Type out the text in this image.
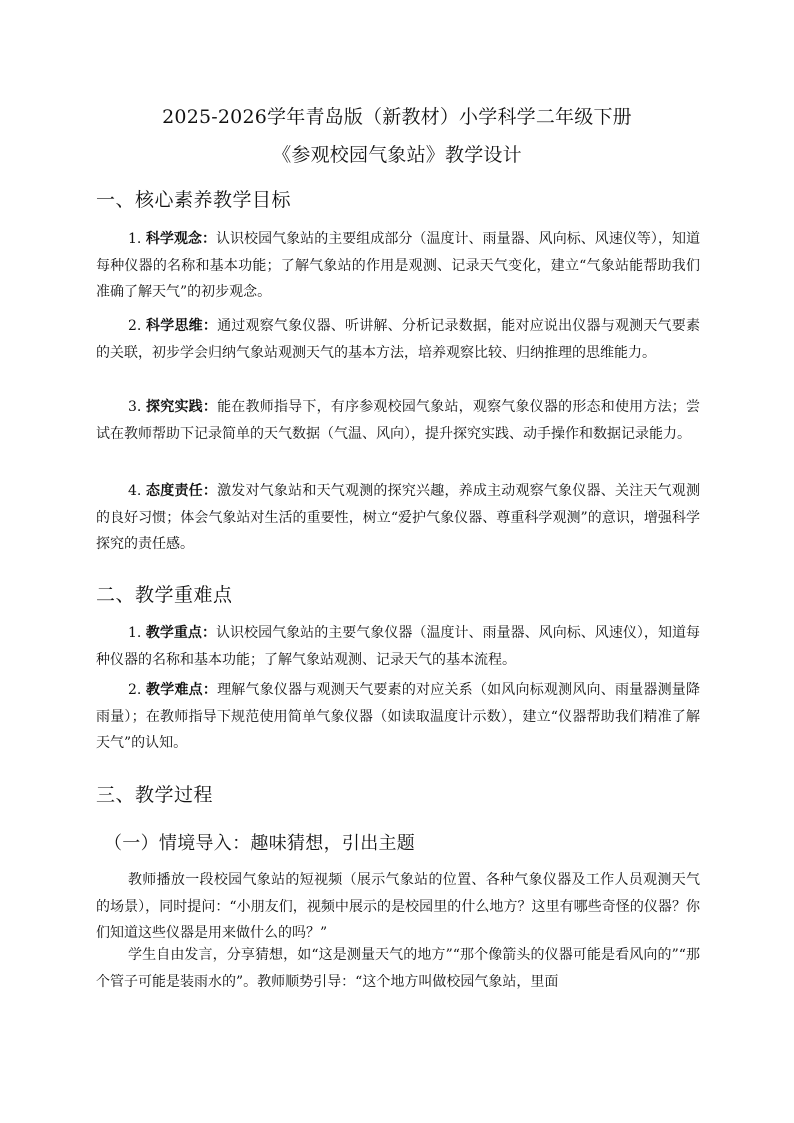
2025-2026学年青岛版（新教材）小学科学二年级下册
《参观校园气象站》教学设计
一、核心素养教学目标

1. 科学观念：认识校园气象站的主要组成部分（温度计、雨量器、风向标、风速仪等），知道每种仪器的名称和基本功能；了解气象站的作用是观测、记录天气变化，建立“气象站能帮助我们准确了解天气”的初步观念。

2. 科学思维：通过观察气象仪器、听讲解、分析记录数据，能对应说出仪器与观测天气要素的关联，初步学会归纳气象站观测天气的基本方法，培养观察比较、归纳推理的思维能力。

3. 探究实践：能在教师指导下，有序参观校园气象站，观察气象仪器的形态和使用方法；尝试在教师帮助下记录简单的天气数据（气温、风向），提升探究实践、动手操作和数据记录能力。

4. 态度责任：激发对气象站和天气观测的探究兴趣，养成主动观察气象仪器、关注天气观测的良好习惯；体会气象站对生活的重要性，树立“爱护气象仪器、尊重科学观测”的意识，增强科学探究的责任感。

二、教学重难点

1. 教学重点：认识校园气象站的主要气象仪器（温度计、雨量器、风向标、风速仪），知道每种仪器的名称和基本功能；了解气象站观测、记录天气的基本流程。

2. 教学难点：理解气象仪器与观测天气要素的对应关系（如风向标观测风向、雨量器测量降雨量）；在教师指导下规范使用简单气象仪器（如读取温度计示数），建立“仪器帮助我们精准了解天气”的认知。

三、教学过程
（一）情境导入：趣味猜想，引出主题

教师播放一段校园气象站的短视频（展示气象站的位置、各种气象仪器及工作人员观测天气的场景），同时提问：“小朋友们，视频中展示的是校园里的什么地方？这里有哪些奇怪的仪器？你们知道这些仪器是用来做什么的吗？”

学生自由发言，分享猜想，如“这是测量天气的地方”“那个像箭头的仪器可能是看风向的”“那个管子可能是装雨水的”。教师顺势引导：“这个地方叫做校园气象站，里面
